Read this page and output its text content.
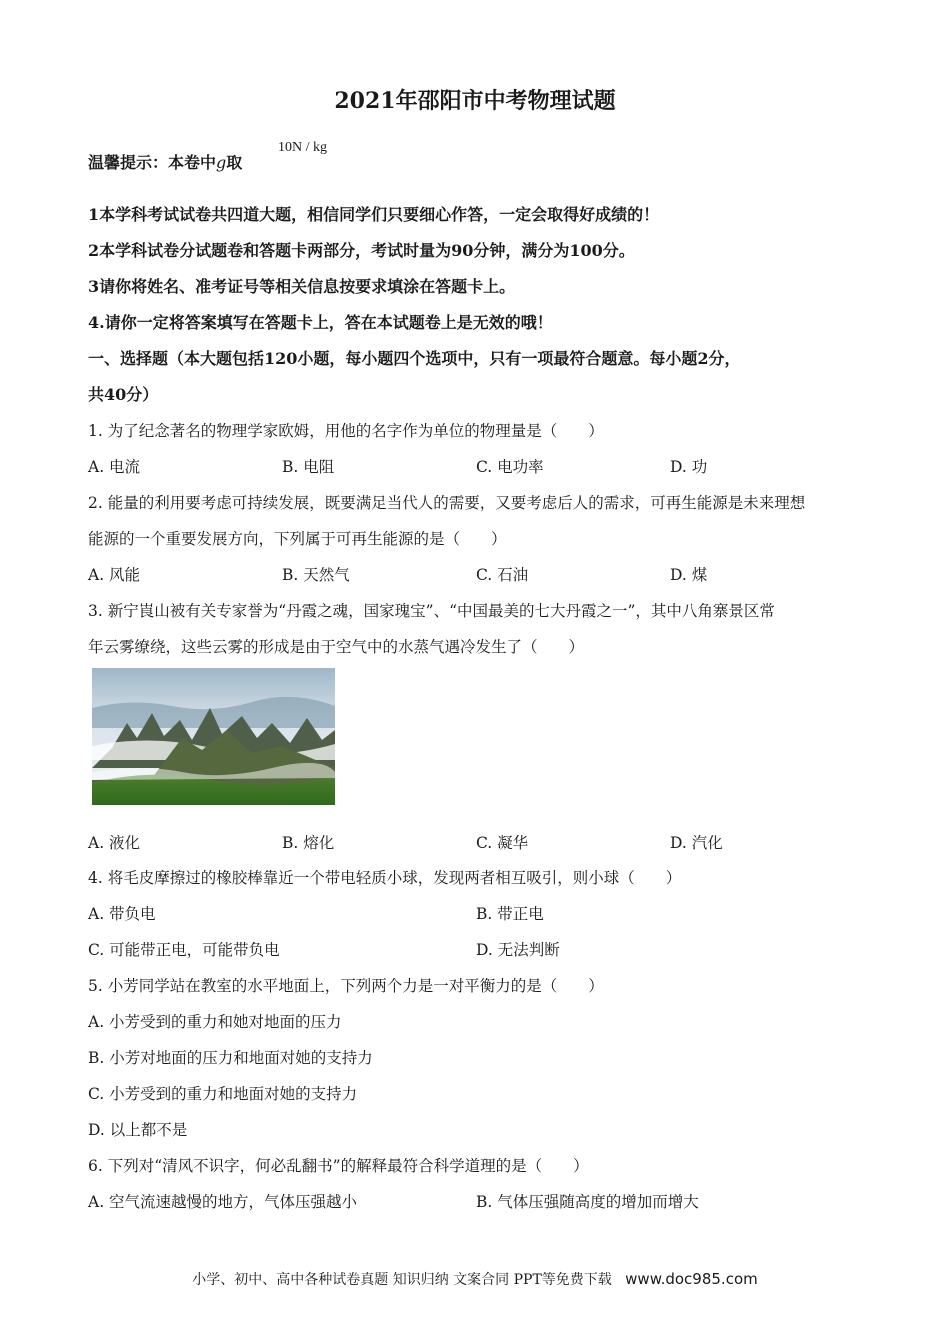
2021年邵阳市中考物理试题
温馨提示：本卷中g取
10N / kg
1本学科考试试卷共四道大题，相信同学们只要细心作答，一定会取得好成绩的！
2本学科试卷分试题卷和答题卡两部分，考试时量为90分钟，满分为100分。
3请你将姓名、准考证号等相关信息按要求填涂在答题卡上。
4.请你一定将答案填写在答题卡上，答在本试题卷上是无效的哦！
一、选择题（本大题包括120小题，每小题四个选项中，只有一项最符合题意。每小题2分，
共40分）
1. 为了纪念著名的物理学家欧姆，用他的名字作为单位的物理量是（　　）
A. 电流	B. 电阻	C. 电功率	D. 功
2. 能量的利用要考虑可持续发展，既要满足当代人的需要，又要考虑后人的需求，可再生能源是未来理想
能源的一个重要发展方向，下列属于可再生能源的是（　　）
A. 风能	B. 天然气	C. 石油	D. 煤
3. 新宁崀山被有关专家誉为“丹霞之魂，国家瑰宝”、“中国最美的七大丹霞之一”，其中八角寨景区常
年云雾缭绕，这些云雾的形成是由于空气中的水蒸气遇冷发生了（　　）
A. 液化	B. 熔化	C. 凝华	D. 汽化
4. 将毛皮摩擦过的橡胶棒靠近一个带电轻质小球，发现两者相互吸引，则小球（　　）
A. 带负电	B. 带正电
C. 可能带正电，可能带负电	D. 无法判断
5. 小芳同学站在教室的水平地面上，下列两个力是一对平衡力的是（　　）
A. 小芳受到的重力和她对地面的压力
B. 小芳对地面的压力和地面对她的支持力
C. 小芳受到的重力和地面对她的支持力
D. 以上都不是
6. 下列对“清风不识字，何必乱翻书”的解释最符合科学道理的是（　　）
A. 空气流速越慢的地方，气体压强越小	B. 气体压强随高度的增加而增大
小学、初中、高中各种试卷真题 知识归纳 文案合同 PPT等免费下载 www.doc985.com
